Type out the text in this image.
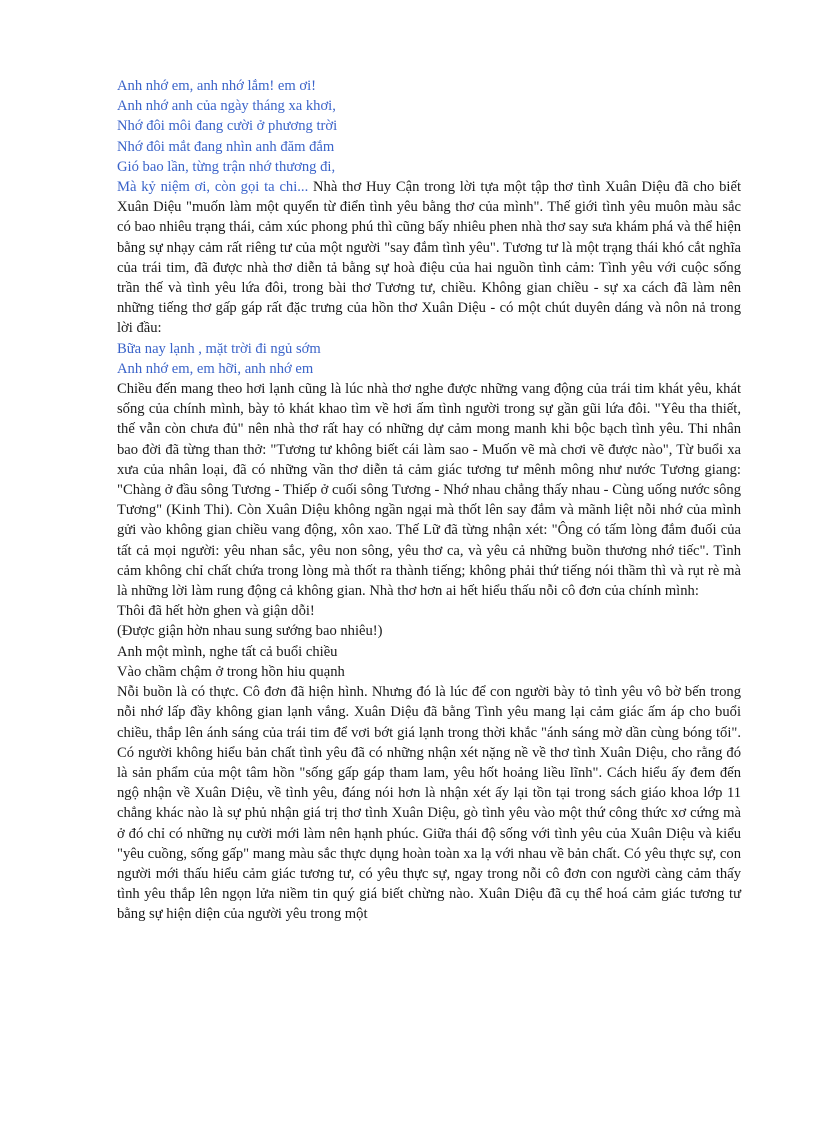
Anh nhớ em, anh nhớ lắm! em ơi!

Anh nhớ anh của ngày tháng xa khơi,

Nhớ đôi môi đang cười ở phương trời

Nhớ đôi mắt đang nhìn anh đăm đắm

Gió bao lần, từng trận nhớ thương đi,

Mà kỷ niệm ơi, còn gọi ta chi... Nhà thơ Huy Cận trong lời tựa một tập thơ tình Xuân Diệu đã cho biết Xuân Diệu "muốn làm một quyển từ điển tình yêu bằng thơ của mình". Thế giới tình yêu muôn màu sắc có bao nhiêu trạng thái, cảm xúc phong phú thì cũng bấy nhiêu phen nhà thơ say sưa khám phá và thể hiện bằng sự nhạy cảm rất riêng tư của một người "say đắm tình yêu". Tương tư là một trạng thái khó cắt nghĩa của trái tim, đã được nhà thơ diễn tả bằng sự hoà điệu của hai nguồn tình cảm: Tình yêu với cuộc sống trần thế và tình yêu lứa đôi, trong bài thơ Tương tư, chiều. Không gian chiều - sự xa cách đã làm nên những tiếng thơ gấp gáp rất đặc trưng của hồn thơ Xuân Diệu - có một chút duyên dáng và nôn nả trong lời đầu:

Bữa nay lạnh , mặt trời đi ngủ sớm

Anh nhớ em, em hỡi, anh nhớ em

Chiều đến mang theo hơi lạnh cũng là lúc nhà thơ nghe được những vang động của trái tim khát yêu, khát sống của chính mình, bày tỏ khát khao tìm về hơi ấm tình người trong sự gần gũi lứa đôi. "Yêu tha thiết, thế vẫn còn chưa đủ" nên nhà thơ rất hay có những dự cảm mong manh khi bộc bạch tình yêu. Thi nhân bao đời đã từng than thở: "Tương tư không biết cái làm sao - Muốn vẽ mà chơi vẽ được nào", Từ buổi xa xưa của nhân loại, đã có những vần thơ diễn tả cảm giác tương tư mênh mông như nước Tương giang: "Chàng ở đầu sông Tương - Thiếp ở cuối sông Tương - Nhớ nhau chẳng thấy nhau - Cùng uống nước sông Tương" (Kinh Thi). Còn Xuân Diệu không ngần ngại mà thốt lên say đắm và mãnh liệt nỗi nhớ của mình gửi vào không gian chiều vang động, xôn xao. Thế Lữ đã từng nhận xét: "Ông có tấm lòng đắm đuối của tất cả mọi người: yêu nhan sắc, yêu non sông, yêu thơ ca, và yêu cả những buồn thương nhớ tiếc". Tình cảm không chỉ chất chứa trong lòng mà thốt ra thành tiếng; không phải thứ tiếng nói thầm thì và rụt rè mà là những lời làm rung động cả không gian. Nhà thơ hơn ai hết hiểu thấu nỗi cô đơn của chính mình:

Thôi đã hết hờn ghen và giận dỗi!

(Được giận hờn nhau sung sướng bao nhiêu!)

Anh một mình, nghe tất cả buổi chiều

Vào chầm chậm ở trong hồn hiu quạnh

Nỗi buồn là có thực. Cô đơn đã hiện hình. Nhưng đó là lúc để con người bày tỏ tình yêu vô bờ bến trong nỗi nhớ lấp đầy không gian lạnh vắng. Xuân Diệu đã bằng Tình yêu mang lại cảm giác ấm áp cho buổi chiều, thắp lên ánh sáng của trái tim để vơi bớt giá lạnh trong thời khắc "ánh sáng mờ dần cùng bóng tối". Có người không hiểu bản chất tình yêu đã có những nhận xét nặng nề về thơ tình Xuân Diệu, cho rằng đó là sản phẩm của một tâm hồn "sống gấp gáp tham lam, yêu hốt hoảng liều lĩnh". Cách hiểu ấy đem đến ngộ nhận về Xuân Diệu, về tình yêu, đáng nói hơn là nhận xét ấy lại tồn tại trong sách giáo khoa lớp 11 chẳng khác nào là sự phủ nhận giá trị thơ tình Xuân Diệu, gò tình yêu vào một thứ công thức xơ cứng mà ở đó chỉ có những nụ cười mới làm nên hạnh phúc. Giữa thái độ sống với tình yêu của Xuân Diệu và kiểu "yêu cuồng, sống gấp" mang màu sắc thực dụng hoàn toàn xa lạ với nhau về bản chất. Có yêu thực sự, con người mới thấu hiểu cảm giác tương tư, có yêu thực sự, ngay trong nỗi cô đơn con người càng cảm thấy tình yêu thắp lên ngọn lửa niềm tin quý giá biết chừng nào. Xuân Diệu đã cụ thể hoá cảm giác tương tư bằng sự hiện diện của người yêu trong một
